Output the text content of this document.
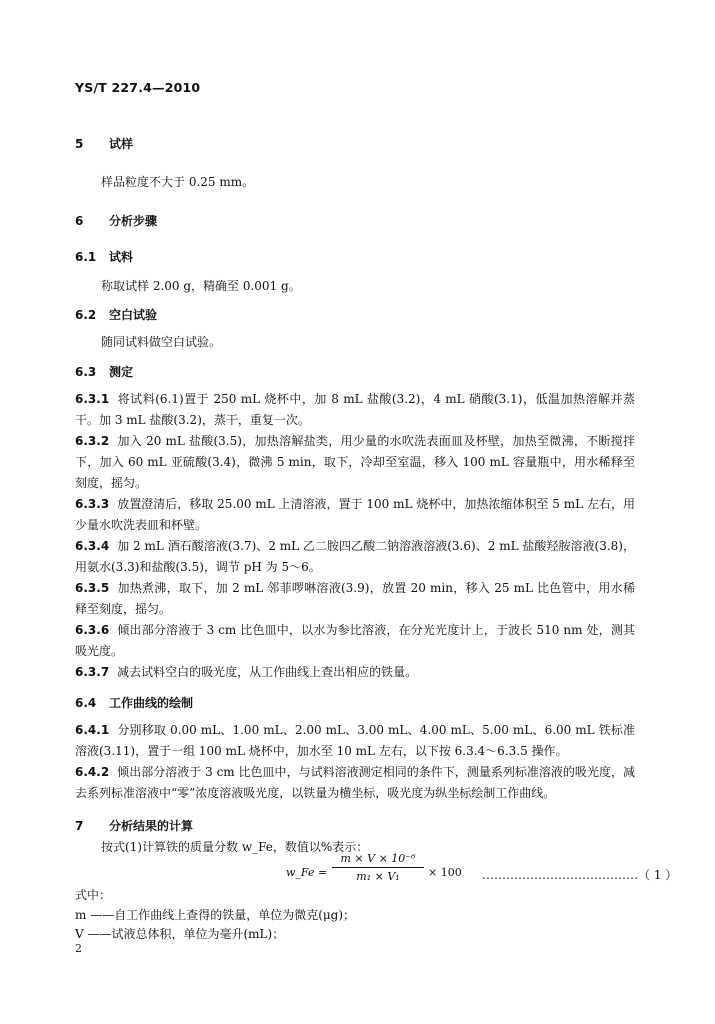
YS/T 227.4—2010
5 试样
样品粒度不大于 0.25 mm。
6 分析步骤
6.1 试料
称取试样 2.00 g，精确至 0.001 g。
6.2 空白试验
随同试料做空白试验。
6.3 测定
6.3.1 将试料(6.1)置于 250 mL 烧杯中，加 8 mL 盐酸(3.2)，4 mL 硝酸(3.1)，低温加热溶解并蒸干。加 3 mL 盐酸(3.2)，蒸干，重复一次。
6.3.2 加入 20 mL 盐酸(3.5)，加热溶解盐类，用少量的水吹洗表面皿及杯壁，加热至微沸，不断搅拌下，加入 60 mL 亚硫酸(3.4)，微沸 5 min，取下，冷却至室温，移入 100 mL 容量瓶中，用水稀释至刻度，摇匀。
6.3.3 放置澄清后，移取 25.00 mL 上清溶液，置于 100 mL 烧杯中，加热浓缩体积至 5 mL 左右，用少量水吹洗表皿和杯壁。
6.3.4 加 2 mL 酒石酸溶液(3.7)、2 mL 乙二胺四乙酸二钠溶液溶液(3.6)、2 mL 盐酸羟胺溶液(3.8)，用氨水(3.3)和盐酸(3.5)，调节 pH 为 5～6。
6.3.5 加热煮沸，取下，加 2 mL 邻菲啰啉溶液(3.9)，放置 20 min，移入 25 mL 比色管中，用水稀释至刻度，摇匀。
6.3.6 倾出部分溶液于 3 cm 比色皿中，以水为参比溶液，在分光光度计上，于波长 510 nm 处，测其吸光度。
6.3.7 减去试料空白的吸光度，从工作曲线上查出相应的铁量。
6.4 工作曲线的绘制
6.4.1 分别移取 0.00 mL、1.00 mL、2.00 mL、3.00 mL、4.00 mL、5.00 mL、6.00 mL 铁标准溶液(3.11)，置于一组 100 mL 烧杯中，加水至 10 mL 左右，以下按 6.3.4～6.3.5 操作。
6.4.2 倾出部分溶液于 3 cm 比色皿中，与试料溶液测定相同的条件下，测量系列标准溶液的吸光度，减去系列标准溶液中“零”浓度溶液吸光度，以铁量为横坐标，吸光度为纵坐标绘制工作曲线。
7 分析结果的计算
按式(1)计算铁的质量分数 w_Fe，数值以%表示：
w_Fe =
m × V × 10⁻⁶
m₁ × V₁	× 100 …………………………………（ 1 ）
式中：
m ——自工作曲线上查得的铁量，单位为微克(μg)；
V ——试液总体积，单位为毫升(mL)；
2
